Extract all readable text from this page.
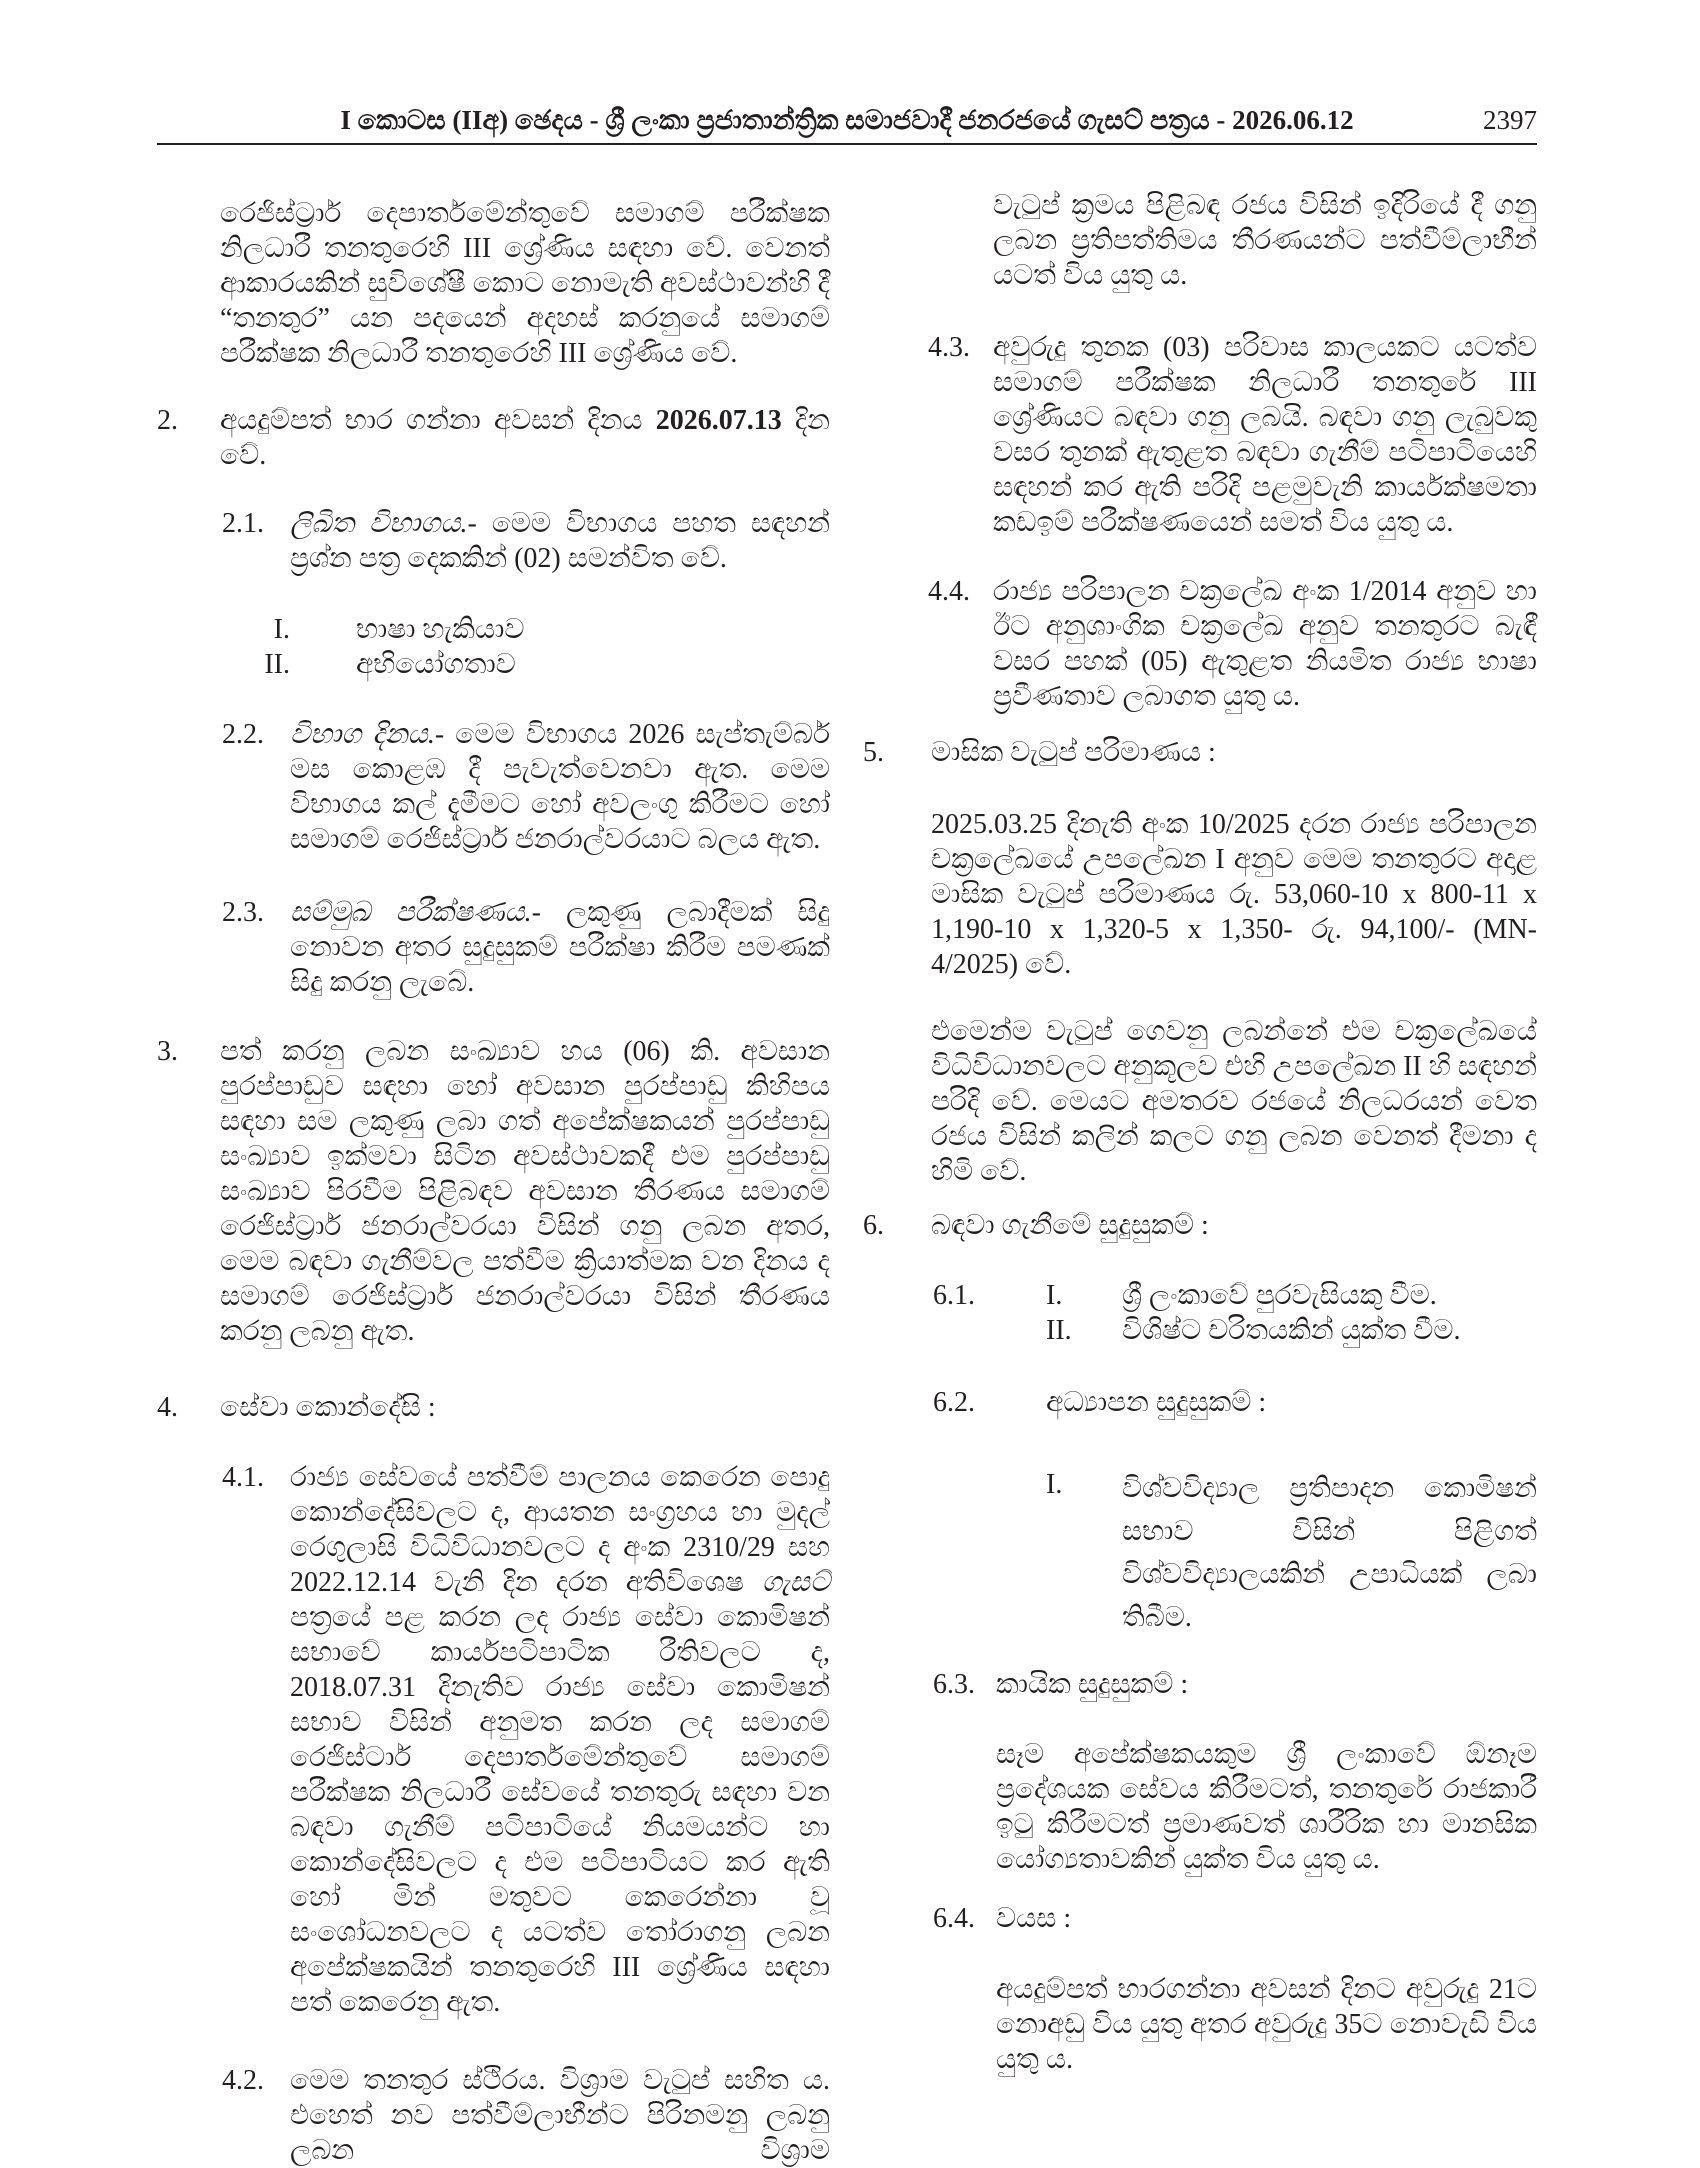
I කොටස (IIඅ) ඡෙදය - ශ්‍රී ලංකා ප්‍රජාතාන්ත්‍රික සමාජවාදී ජනරජයේ ගැසට් පත්‍රය - 2026.06.12	2397

රෙජිස්ට්‍රාර් දෙපාර්තමේන්තුවේ සමාගම් පරීක්ෂක නිලධාරී තනතුරෙහි III ශ්‍රේණිය සඳහා වේ. වෙනත් ආකාරයකින් සුවිශේෂී කොට නොමැති අවස්ථාවන්හි දී “තනතුර” යන පදයෙන් අදහස් කරනුයේ සමාගම් පරීක්ෂක නිලධාරී තනතුරෙහි III ශ්‍රේණිය වේ.

2. අයදුම්පත් භාර ගන්නා අවසන් දිනය 2026.07.13 දින වේ.

2.1. ලිඛිත විභාගය.- මෙම විභාගය පහත සඳහන් ප්‍රශ්න පත්‍ර දෙකකින් (02) සමන්විත වේ.

I. භාෂා හැකියාව

II. අභියෝගතාව

2.2. විභාග දිනය.- මෙම විභාගය 2026 සැප්තැම්බර් මස කොළඹ දී පැවැත්වෙනවා ඇත. මෙම විභාගය කල් දැමීමට හෝ අවලංගු කිරීමට හෝ සමාගම් රෙජිස්ට්‍රාර් ජනරාල්වරයාට බලය ඇත.

2.3. සම්මුඛ පරීක්ෂණය.- ලකුණු ලබාදීමක් සිදු නොවන අතර සුදුසුකම් පරීක්ෂා කිරීම පමණක් සිදු කරනු ලැබේ.

3. පත් කරනු ලබන සංඛ්‍යාව හය (06) කි. අවසාන පුරප්පාඩුව සඳහා හෝ අවසාන පුරප්පාඩු කිහිපය සඳහා සම ලකුණු ලබා ගත් අපේක්ෂකයන් පුරප්පාඩු සංඛ්‍යාව ඉක්මවා සිටින අවස්ථාවකදී එම පුරප්පාඩු සංඛ්‍යාව පිරවීම පිළිබඳව අවසාන තීරණය සමාගම් රෙජිස්ට්‍රාර් ජනරාල්වරයා විසින් ගනු ලබන අතර, මෙම බඳවා ගැනීම්වල පත්වීම ක්‍රියාත්මක වන දිනය ද සමාගම් රෙජිස්ට්‍රාර් ජනරාල්වරයා විසින් තීරණය කරනු ලබනු ඇත.

4. සේවා කොන්දේසි :

4.1. රාජ්‍ය සේවයේ පත්වීම් පාලනය කෙරෙන පොදු කොන්දේසිවලට ද, ආයතන සංග්‍රහය හා මුදල් රෙගුලාසි විධිවිධානවලට ද අංක 2310/29 සහ 2022.12.14 වැනි දින දරන අතිවිශෙෂ ගැසට් පත්‍රයේ පළ කරන ලද රාජ්‍ය සේවා කොමිෂන් සභාවේ කාර්යපටිපාටික රීතිවලට ද, 2018.07.31 දිනැතිව රාජ්‍ය සේවා කොමිෂන් සභාව විසින් අනුමත කරන ලද සමාගම් රෙජිස්ටාර් දෙපාර්තමේන්තුවේ සමාගම් පරීක්ෂක නිලධාරී සේවයේ තනතුරු සඳහා වන බඳවා ගැනීම් පටිපාටියේ නියමයන්ට හා කොන්දේසිවලට ද එම පටිපාටියට කර ඇති හෝ මින් මතුවට කෙරෙන්නා වූ සංශෝධනවලට ද යටත්ව තෝරාගනු ලබන අපේක්ෂකයින් තනතුරෙහි III ශ්‍රේණිය සඳහා පත් කෙරෙනු ඇත.

4.2. මෙම තනතුර ස්ථිරය. විශ්‍රාම වැටුප් සහිත ය. එහෙත් නව පත්වීම්ලාභීන්ට පිරිනමනු ලබනු ලබන විශ්‍රාම

වැටුප් ක්‍රමය පිළිබඳ රජය විසින් ඉදිරියේ දී ගනු ලබන ප්‍රතිපත්තිමය තීරණයන්ට පත්වීම්ලාභීන් යටත් විය යුතු ය.

4.3. අවුරුදු තුනක (03) පරිවාස කාලයකට යටත්ව සමාගම් පරීක්ෂක නිලධාරී තනතුරේ III ශ්‍රේණියට බඳවා ගනු ලබයි. බඳවා ගනු ලැබුවකු වසර තුනක් ඇතුළත බඳවා ගැනීම් පටිපාටියෙහි සඳහන් කර ඇති පරිදි පළමුවැනි කාර්යක්ෂමතා කඩඉම් පරීක්ෂණයෙන් සමත් විය යුතු ය.

4.4. රාජ්‍ය පරිපාලන චක්‍රලේඛ අංක 1/2014 අනුව හා ඊට අනුශාංගික චක්‍රලේඛ අනුව තනතුරට බැඳී වසර පහක් (05) ඇතුළත නියමිත රාජ්‍ය භාෂා ප්‍රවීණතාව ලබාගත යුතු ය.

5. මාසික වැටුප් පරිමාණය :

2025.03.25 දිනැති අංක 10/2025 දරන රාජ්‍ය පරිපාලන චක්‍රලේඛයේ උපලේඛන I අනුව මෙම තනතුරට අදාළ මාසික වැටුප් පරිමාණය රු. 53,060-10 x 800-11 x 1,190-10 x 1,320-5 x 1,350- රු. 94,100/- (MN-4/2025) වේ.

එමෙන්ම වැටුප් ගෙවනු ලබන්නේ එම චක්‍රලේඛයේ විධිවිධානවලට අනුකූලව එහි උපලේඛන II හි සඳහන් පරිදි වේ. මෙයට අමතරව රජයේ නිලධරයන් වෙත රජය විසින් කලින් කලට ගනු ලබන වෙනත් දීමනා ද හිමි වේ.

6. බඳවා ගැනීමේ සුදුසුකම් :

6.1.	I. ශ්‍රී ලංකාවේ පුරවැසියකු වීම.

II. විශිෂ්ට චරිතයකින් යුක්ත වීම.

6.2.	අධ්‍යාපන සුදුසුකම් :

I. විශ්වවිද්‍යාල ප්‍රතිපාදන කොමිෂන් සභාව විසින් පිළිගත් විශ්වවිද්‍යාලයකින් උපාධියක් ලබා තිබීම.

6.3. කායික සුදුසුකම් :

සෑම අපේක්ෂකයකුම ශ්‍රී ලංකාවේ ඕනෑම ප්‍රදේශයක සේවය කිරීමටත්, තනතුරේ රාජකාරී ඉටු කිරීමටත් ප්‍රමාණවත් ශාරීරික හා මානසික යෝග්‍යතාවකින් යුක්ත විය යුතු ය.

6.4. වයස :

අයදුම්පත් භාරගන්නා අවසන් දිනට අවුරුදු 21ට නොඅඩු විය යුතු අතර අවුරුදු 35ට නොවැඩි විය යුතු ය.
